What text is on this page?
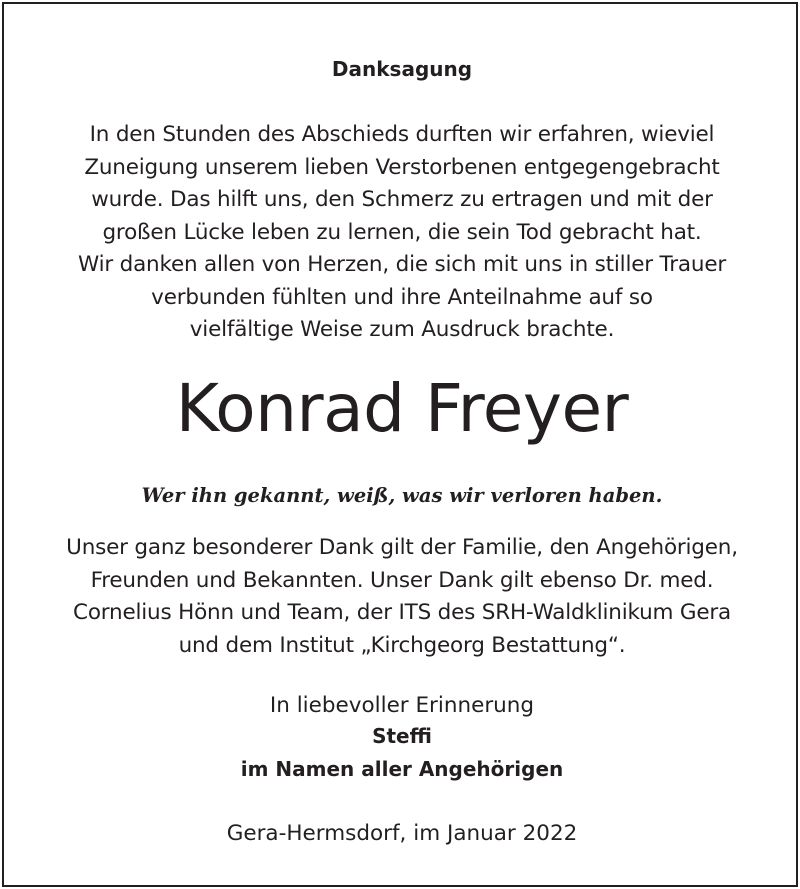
Danksagung
In den Stunden des Abschieds durften wir erfahren, wieviel
Zuneigung unserem lieben Verstorbenen entgegengebracht
wurde. Das hilft uns, den Schmerz zu ertragen und mit der
großen Lücke leben zu lernen, die sein Tod gebracht hat.
Wir danken allen von Herzen, die sich mit uns in stiller Trauer
verbunden fühlten und ihre Anteilnahme auf so
vielfältige Weise zum Ausdruck brachte.
Konrad Freyer
Wer ihn gekannt, weiß, was wir verloren haben.
Unser ganz besonderer Dank gilt der Familie, den Angehörigen,
Freunden und Bekannten. Unser Dank gilt ebenso Dr. med.
Cornelius Hönn und Team, der ITS des SRH-Waldklinikum Gera
und dem Institut „Kirchgeorg Bestattung“.
In liebevoller Erinnerung
Steffi
im Namen aller Angehörigen
Gera-Hermsdorf, im Januar 2022
